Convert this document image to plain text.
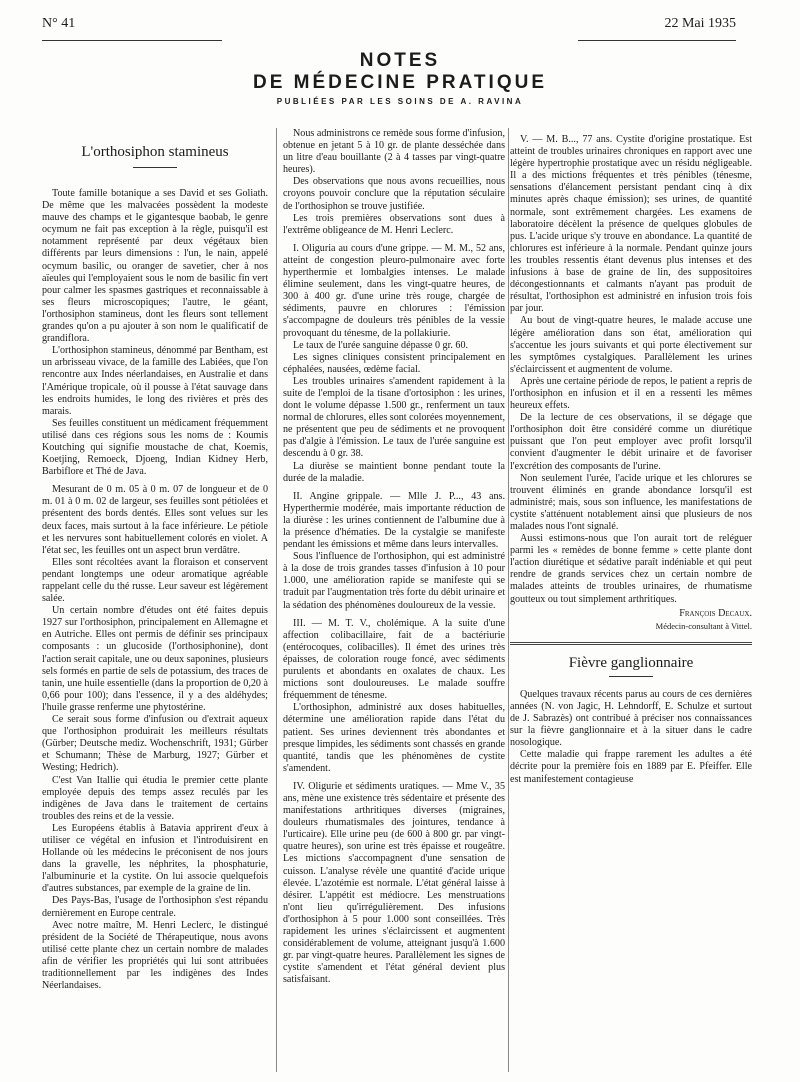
N° 41	22 Mai 1935
NOTES
DE MÉDECINE PRATIQUE
PUBLIÉES PAR LES SOINS DE A. RAVINA
L'orthosiphon stamineus

Toute famille botanique a ses David et ses Goliath. De même que les malvacées possèdent la modeste mauve des champs et le gigantesque baobab, le genre ocymum ne fait pas exception à la règle, puisqu'il est notamment représenté par deux végétaux bien différents par leurs dimensions : l'un, le nain, appelé ocymum basilic, ou oranger de savetier, cher à nos aïeules qui l'employaient sous le nom de basilic fin vert pour calmer les spasmes gastriques et reconnaissable à ses fleurs microscopiques; l'autre, le géant, l'orthosiphon stamineus, dont les fleurs sont tellement grandes qu'on a pu ajouter à son nom le qualificatif de grandiflora.

L'orthosiphon stamineus, dénommé par Bentham, est un arbrisseau vivace, de la famille des Labiées, que l'on rencontre aux Indes néerlandaises, en Australie et dans l'Amérique tropicale, où il pousse à l'état sauvage dans les endroits humides, le long des rivières et près des marais.

Ses feuilles constituent un médicament fréquemment utilisé dans ces régions sous les noms de : Koumis Koutching qui signifie moustache de chat, Koemis, Koetjing, Remoeck, Djoeng, Indian Kidney Herb, Barbiflore et Thé de Java.

Mesurant de 0 m. 05 à 0 m. 07 de longueur et de 0 m. 01 à 0 m. 02 de largeur, ses feuilles sont pétiolées et présentent des bords dentés. Elles sont velues sur les deux faces, mais surtout à la face inférieure. Le pétiole et les nervures sont habituellement colorés en violet. A l'état sec, les feuilles ont un aspect brun verdâtre.

Elles sont récoltées avant la floraison et conservent pendant longtemps une odeur aromatique agréable rappelant celle du thé russe. Leur saveur est légèrement salée.

Un certain nombre d'études ont été faites depuis 1927 sur l'orthosiphon, principalement en Allemagne et en Autriche. Elles ont permis de définir ses principaux composants : un glucoside (l'orthosiphonine), dont l'action serait capitale, une ou deux saponines, plusieurs sels formés en partie de sels de potassium, des traces de tanin, une huile essentielle (dans la proportion de 0,20 à 0,66 pour 100); dans l'essence, il y a des aldéhydes; l'huile grasse renferme une phytostérine.

Ce serait sous forme d'infusion ou d'extrait aqueux que l'orthosiphon produirait les meilleurs résultats (Gürber; Deutsche mediz. Wochenschrift, 1931; Gürber et Schumann; Thèse de Marburg, 1927; Gürber et Westing; Hedrich).

C'est Van Itallie qui étudia le premier cette plante employée depuis des temps assez reculés par les indigènes de Java dans le traitement de certains troubles des reins et de la vessie.

Les Européens établis à Batavia apprirent d'eux à utiliser ce végétal en infusion et l'introduisirent en Hollande où les médecins le préconisent de nos jours dans la gravelle, les néphrites, la phosphaturie, l'albuminurie et la cystite. On lui associe quelquefois d'autres substances, par exemple de la graine de lin.

Des Pays-Bas, l'usage de l'orthosiphon s'est répandu dernièrement en Europe centrale.

Avec notre maître, M. Henri Leclerc, le distingué président de la Société de Thérapeutique, nous avons utilisé cette plante chez un certain nombre de malades afin de vérifier les propriétés qui lui sont attribuées traditionnellement par les indigènes des Indes Néerlandaises.

Nous administrons ce remède sous forme d'infusion, obtenue en jetant 5 à 10 gr. de plante desséchée dans un litre d'eau bouillante (2 à 4 tasses par vingt-quatre heures).

Des observations que nous avons recueillies, nous croyons pouvoir conclure que la réputation séculaire de l'orthosiphon se trouve justifiée.

Les trois premières observations sont dues à l'extrême obligeance de M. Henri Leclerc.

I. Oliguria au cours d'une grippe. — M. M., 52 ans, atteint de congestion pleuro-pulmonaire avec forte hyperthermie et lombalgies intenses. Le malade élimine seulement, dans les vingt-quatre heures, de 300 à 400 gr. d'une urine très rouge, chargée de sédiments, pauvre en chlorures : l'émission s'accompagne de douleurs très pénibles de la vessie provoquant du ténesme, de la pollakiurie.

Le taux de l'urée sanguine dépasse 0 gr. 60.

Les signes cliniques consistent principalement en céphalées, nausées, œdème facial.

Les troubles urinaires s'amendent rapidement à la suite de l'emploi de la tisane d'ortosiphon : les urines, dont le volume dépasse 1.500 gr., renferment un taux normal de chlorures, elles sont colorées moyennement, ne présentent que peu de sédiments et ne provoquent pas d'algie à l'émission. Le taux de l'urée sanguine est descendu à 0 gr. 38.

La diurèse se maintient bonne pendant toute la durée de la maladie.

II. Angine grippale. — Mlle J. P..., 43 ans. Hyperthermie modérée, mais importante réduction de la diurèse : les urines contiennent de l'albumine due à la présence d'hématies. De la cystalgie se manifeste pendant les émissions et même dans leurs intervalles.

Sous l'influence de l'orthosiphon, qui est administré à la dose de trois grandes tasses d'infusion à 10 pour 1.000, une amélioration rapide se manifeste qui se traduit par l'augmentation très forte du débit urinaire et la sédation des phénomènes douloureux de la vessie.

III. — M. T. V., cholémique. A la suite d'une affection colibacillaire, fait de a bactériurie (entérocoques, colibacilles). Il émet des urines très épaisses, de coloration rouge foncé, avec sédiments purulents et abondants en oxalates de chaux. Les mictions sont douloureuses. Le malade souffre fréquemment de ténesme.

L'orthosiphon, administré aux doses habituelles, détermine une amélioration rapide dans l'état du patient. Ses urines deviennent très abondantes et presque limpides, les sédiments sont chassés en grande quantité, tandis que les phénomènes de cystite s'amendent.

IV. Oligurie et sédiments uratiques. — Mme V., 35 ans, mène une existence très sédentaire et présente des manifestations arthritiques diverses (migraines, douleurs rhumatismales des jointures, tendance à l'urticaire). Elle urine peu (de 600 à 800 gr. par vingt-quatre heures), son urine est très épaisse et rougeâtre. Les mictions s'accompagnent d'une sensation de cuisson. L'analyse révèle une quantité d'acide urique élevée. L'azotémie est normale. L'état général laisse à désirer. L'appétit est médiocre. Les menstruations n'ont lieu qu'irrégulièrement. Des infusions d'orthosiphon à 5 pour 1.000 sont conseillées. Très rapidement les urines s'éclaircissent et augmentent considérablement de volume, atteignant jusqu'à 1.600 gr. par vingt-quatre heures. Parallèlement les signes de cystite s'amendent et l'état général devient plus satisfaisant.

V. — M. B..., 77 ans. Cystite d'origine prostatique. Est atteint de troubles urinaires chroniques en rapport avec une légère hypertrophie prostatique avec un résidu négligeable. Il a des mictions fréquentes et très pénibles (ténesme, sensations d'élancement persistant pendant cinq à dix minutes après chaque émission); ses urines, de quantité normale, sont extrêmement chargées. Les examens de laboratoire décèlent la présence de quelques globules de pus. L'acide urique s'y trouve en abondance. La quantité de chlorures est inférieure à la normale. Pendant quinze jours les troubles ressentis étant devenus plus intenses et des infusions à base de graine de lin, des suppositoires décongestionnants et calmants n'ayant pas produit de résultat, l'orthosiphon est administré en infusion trois fois par jour.

Au bout de vingt-quatre heures, le malade accuse une légère amélioration dans son état, amélioration qui s'accentue les jours suivants et qui porte électivement sur les symptômes cystalgiques. Parallèlement les urines s'éclaircissent et augmentent de volume.

Après une certaine période de repos, le patient a repris de l'orthosiphon en infusion et il en a ressenti les mêmes heureux effets.

De la lecture de ces observations, il se dégage que l'orthosiphon doit être considéré comme un diurétique puissant que l'on peut employer avec profit lorsqu'il convient d'augmenter le débit urinaire et de favoriser l'excrétion des composants de l'urine.

Non seulement l'urée, l'acide urique et les chlorures se trouvent éliminés en grande abondance lorsqu'il est administré; mais, sous son influence, les manifestations de cystite s'atténuent notablement ainsi que plusieurs de nos malades nous l'ont signalé.

Aussi estimons-nous que l'on aurait tort de reléguer parmi les « remèdes de bonne femme » cette plante dont l'action diurétique et sédative paraît indéniable et qui peut rendre de grands services chez un certain nombre de malades atteints de troubles urinaires, de rhumatisme goutteux ou tout simplement arthritiques.

François Decaux.

Médecin-consultant à Vittel.

Fièvre ganglionnaire

Quelques travaux récents parus au cours de ces dernières années (N. von Jagic, H. Lehndorff, E. Schulze et surtout de J. Sabrazès) ont contribué à préciser nos connaissances sur la fièvre ganglionnaire et à la situer dans le cadre nosologique.

Cette maladie qui frappe rarement les adultes a été décrite pour la première fois en 1889 par E. Pfeiffer. Elle est manifestement contagieuse
